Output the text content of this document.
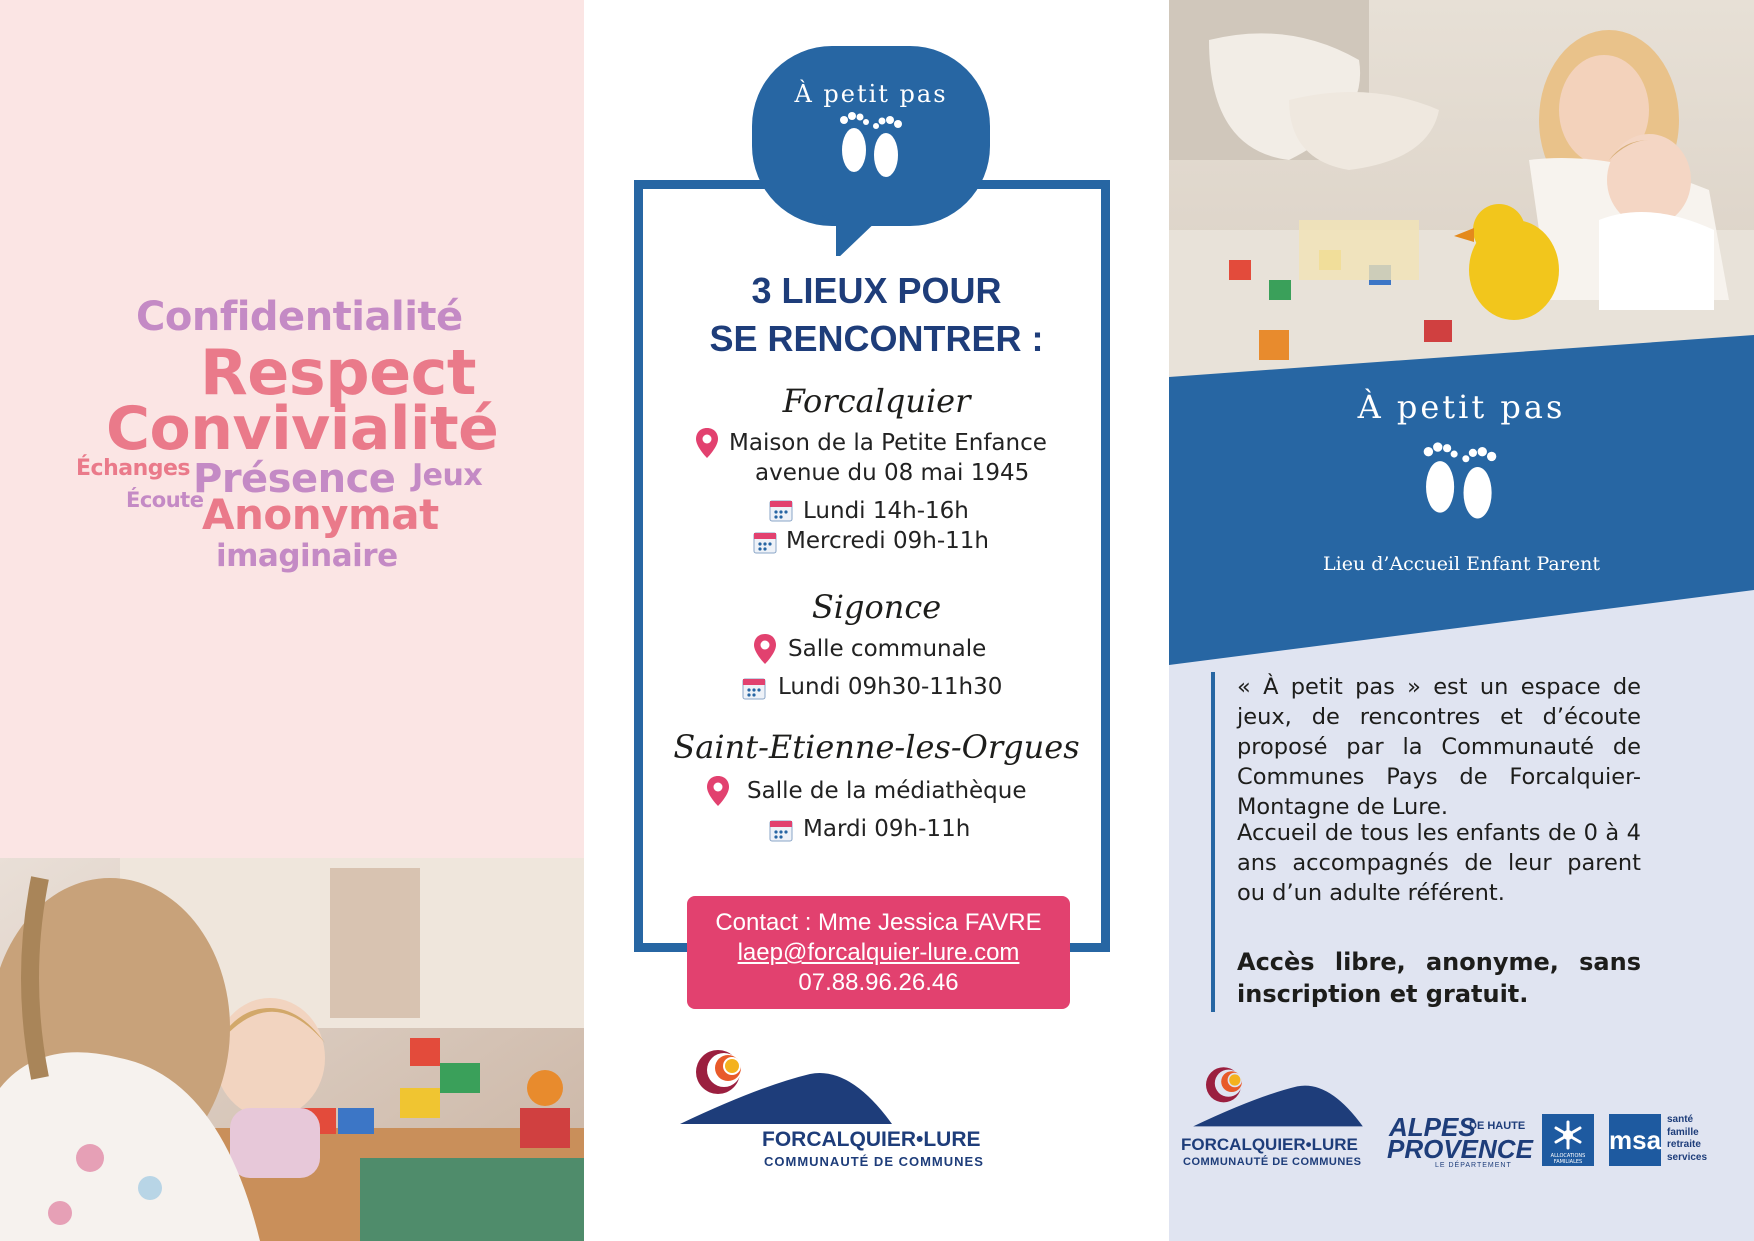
Confidentialité
Respect
Convivialité
Échanges Présence Jeux
Écoute
Anonymat
imaginaire
À petit pas
3 LIEUX POUR
SE RENCONTRER :
Forcalquier
Maison de la Petite Enfance
avenue du 08 mai 1945
Lundi 14h-16h
Mercredi 09h-11h
Sigonce
Salle communale
Lundi 09h30-11h30
Saint-Etienne-les-Orgues
Salle de la médiathèque
Mardi 09h-11h
Contact : Mme Jessica FAVRE
laep@forcalquier-lure.com
07.88.96.26.46
FORCALQUIER•LURE
COMMUNAUTÉ DE COMMUNES
À petit pas
Lieu d’Accueil Enfant Parent
« À petit pas » est un espace de jeux, de rencontres et d’écoute proposé par la Communauté de Communes Pays de Forcalquier-Montagne de Lure.
Accueil de tous les enfants de 0 à 4 ans accompagnés de leur parent ou d’un adulte référent.
Accès libre, anonyme, sans inscription et gratuit.
FORCALQUIER•LURE
COMMUNAUTÉ DE COMMUNES
ALPES
DE HAUTE
PROVENCE
LE DÉPARTEMENT
ALLOCATIONS FAMILIALES
msa
santé
famille
retraite
services
